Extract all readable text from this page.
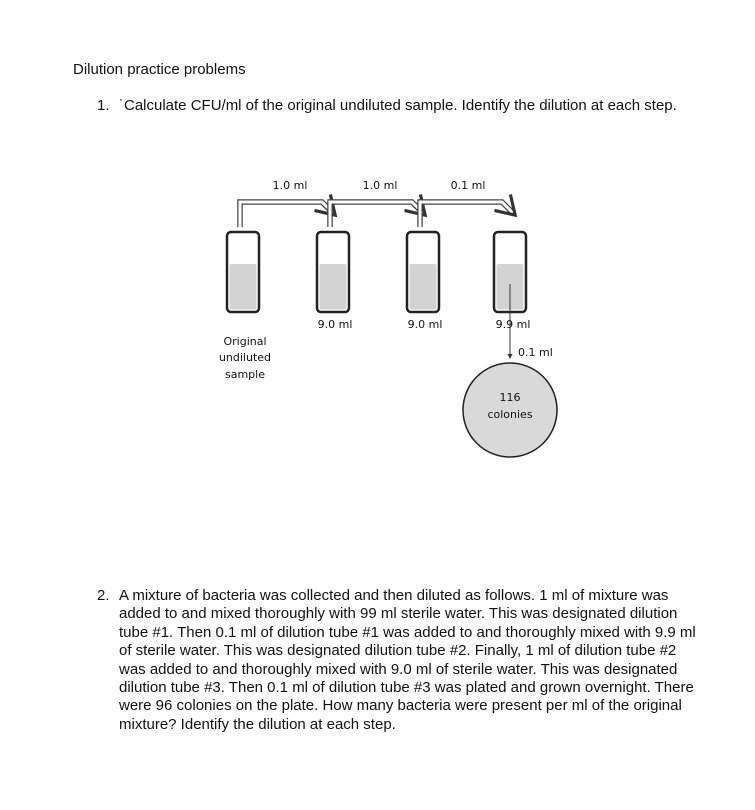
Dilution practice problems
1. ˙Calculate CFU/ml of the original undiluted sample. Identify the dilution at each step.
1.0 ml	1.0 ml	0.1 ml
9.0 ml	9.0 ml	9.9 ml
Original
undiluted
sample
0.1 ml
116
colonies
2. A mixture of bacteria was collected and then diluted as follows. 1 ml of mixture was added to and mixed thoroughly with 99 ml sterile water. This was designated dilution tube #1. Then 0.1 ml of dilution tube #1 was added to and thoroughly mixed with 9.9 ml of sterile water. This was designated dilution tube #2. Finally, 1 ml of dilution tube #2 was added to and thoroughly mixed with 9.0 ml of sterile water. This was designated dilution tube #3. Then 0.1 ml of dilution tube #3 was plated and grown overnight. There were 96 colonies on the plate. How many bacteria were present per ml of the original mixture? Identify the dilution at each step.
